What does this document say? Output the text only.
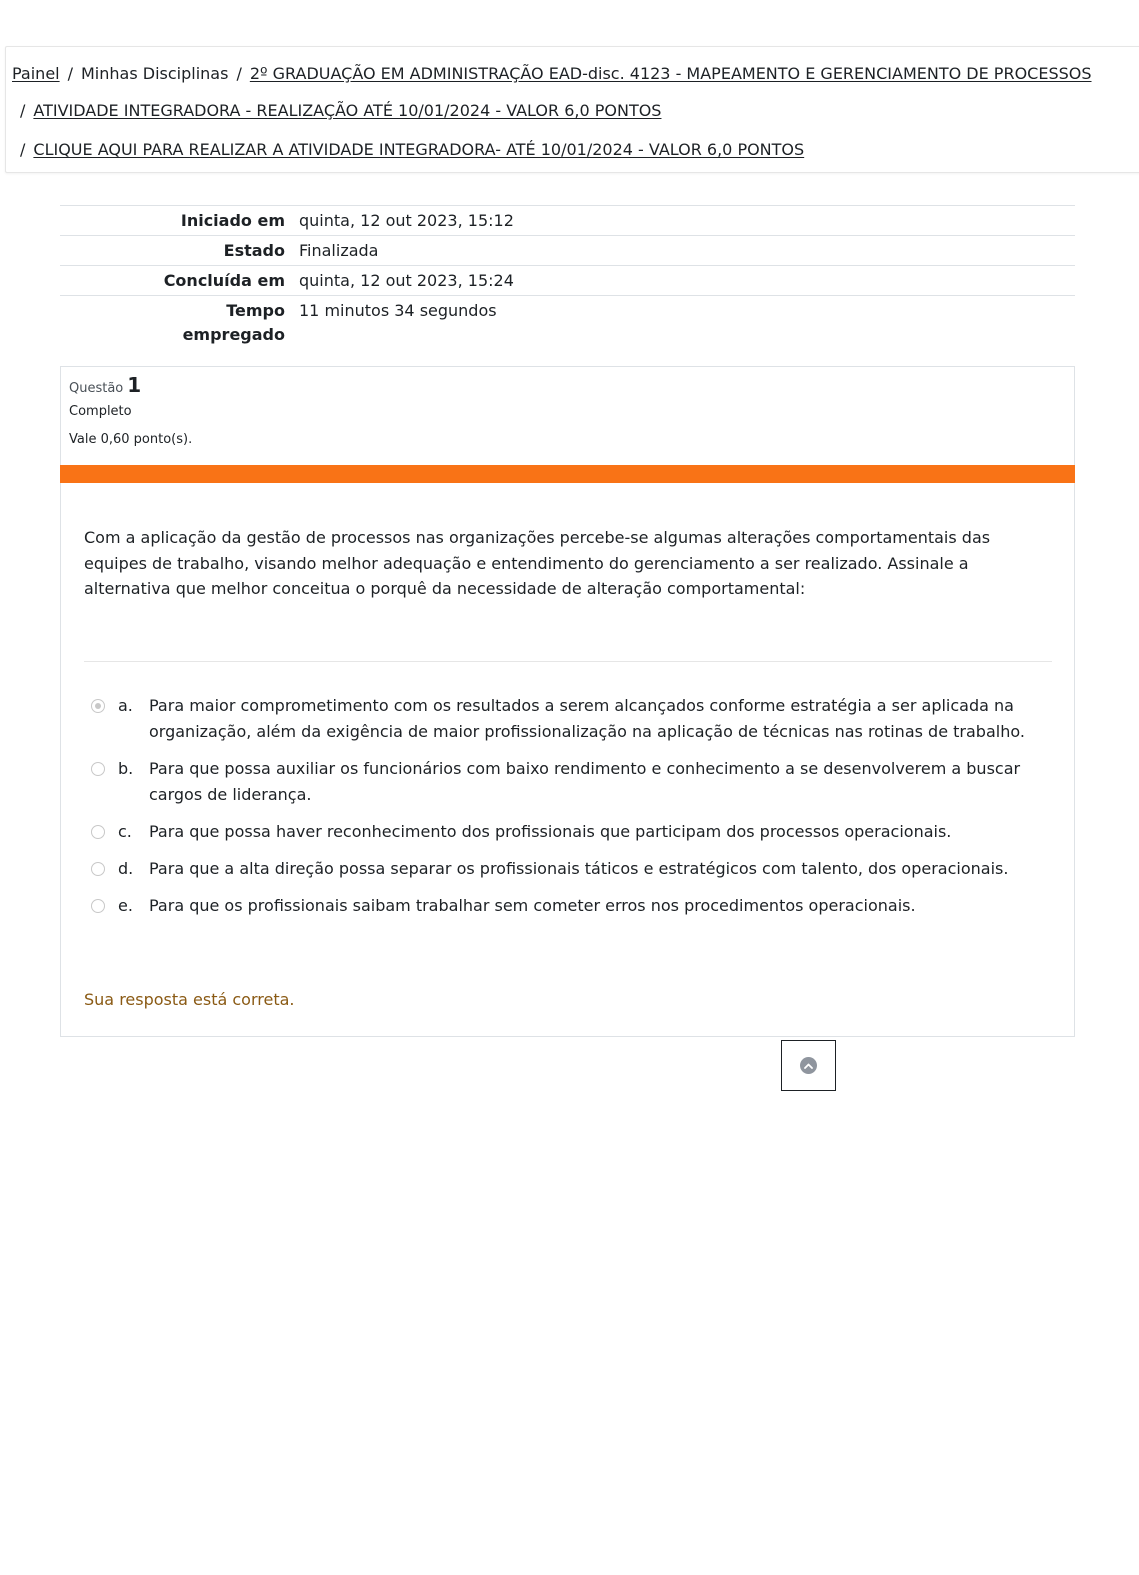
Painel / Minhas Disciplinas / 2º GRADUAÇÃO EM ADMINISTRAÇÃO EAD-disc. 4123 - MAPEAMENTO E GERENCIAMENTO DE PROCESSOS
/ ATIVIDADE INTEGRADORA - REALIZAÇÃO ATÉ 10/01/2024 - VALOR 6,0 PONTOS
/ CLIQUE AQUI PARA REALIZAR A ATIVIDADE INTEGRADORA- ATÉ 10/01/2024 - VALOR 6,0 PONTOS
Iniciado em	quinta, 12 out 2023, 15:12
Estado	Finalizada
Concluída em	quinta, 12 out 2023, 15:24
Tempo empregado	11 minutos 34 segundos
Questão 1
Completo
Vale 0,60 ponto(s).
Com a aplicação da gestão de processos nas organizações percebe-se algumas alterações comportamentais das equipes de trabalho, visando melhor adequação e entendimento do gerenciamento a ser realizado. Assinale a alternativa que melhor conceitua o porquê da necessidade de alteração comportamental:
a.	Para maior comprometimento com os resultados a serem alcançados conforme estratégia a ser aplicada na organização, além da exigência de maior profissionalização na aplicação de técnicas nas rotinas de trabalho.
b. Para que possa auxiliar os funcionários com baixo rendimento e conhecimento a se desenvolverem a buscar cargos de liderança.
c.	Para que possa haver reconhecimento dos profissionais que participam dos processos operacionais.
d. Para que a alta direção possa separar os profissionais táticos e estratégicos com talento, dos operacionais.
e.	Para que os profissionais saibam trabalhar sem cometer erros nos procedimentos operacionais.
Sua resposta está correta.
